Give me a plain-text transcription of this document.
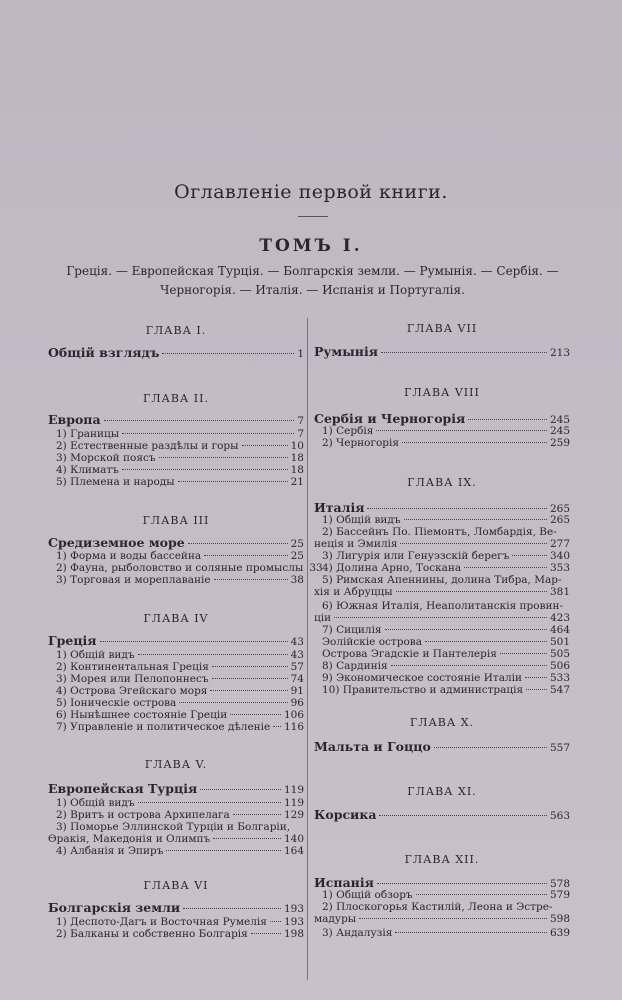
Оглавленiе первой книги.
ТОМЪ I.
Грецiя. — Европейская Турцiя. — Болгарскiя земли. — Румынiя. — Сербiя. —
Черногорiя. — Италiя. — Испанiя и Португалiя.
ГЛАВА I.
Общiй взглядъ	1
ГЛАВА II.
Европа	7
1) Границы	7
2) Естественные раздѣлы и горы	10
3) Морской поясъ	18
4) Климатъ	18
5) Племена и народы	21
ГЛАВА III
Средиземное море	25
1) Форма и воды бассейна	25
2) Фауна, рыболовство и соляные промыслы 33
3) Торговая и мореплаванiе	38
ГЛАВА IV
Грецiя	43
1) Общiй видъ	43
2) Континентальная Грецiя	57
3) Морея или Пелопоннесъ	74
4) Острова Эгейскаго моря	91
5) Iоническiе острова	96
6) Нынѣшнее состоянiе Грецiи	106
7) Управленiе и политическое дѣленiе 116
ГЛАВА V.
Европейская Турцiя	119
1) Общiй видъ	119
2) Вритъ и острова Архипелага	129
3) Поморье Эллинской Турцiи и Болгарiи,
Өракiя, Македонiя и Олимпъ	140
4) Албанiя и Эпиръ	164
ГЛАВА VI
Болгарскiя земли	193
1) Деспото-Дагъ и Восточная Румелiя 193
2) Балканы и собственно Болгарiя	198
ГЛАВА VII
Румынiя	213
ГЛАВА VIII
Сербiя и Черногорiя	245
1) Сербiя	245
2) Черногорiя	259
ГЛАВА IX.
Италiя	265
1) Общiй видъ	265
2) Бассейнъ По. Пiемонтъ, Ломбардiя, Ве-
нецiя и Эмилiя	277
3) Лигурiя или Генуэзскiй берегъ	340
4) Долина Арно, Тоскана	353
5) Римская Апеннины, долина Тибра, Мар-
хiя и Абруццы	381
6) Южная Италiя, Неаполитанскiя провин-
цiи	423
7) Сицилiя	464
Эолiйскiе острова	501
Острова Эгадскiе и Пантелерiя	505
8) Сардинiя	506
9) Экономическое состоянiе Италiи	533
10) Правительство и администрацiя	547
ГЛАВА X.
Мальта и Гоццо	557
ГЛАВА XI.
Корсика	563
ГЛАВА XII.
Испанiя	578
1) Общiй обзоръ	579
2) Плоскогорья Кастилiй, Леона и Эстре-
мадуры	598
3) Андалузiя	639
